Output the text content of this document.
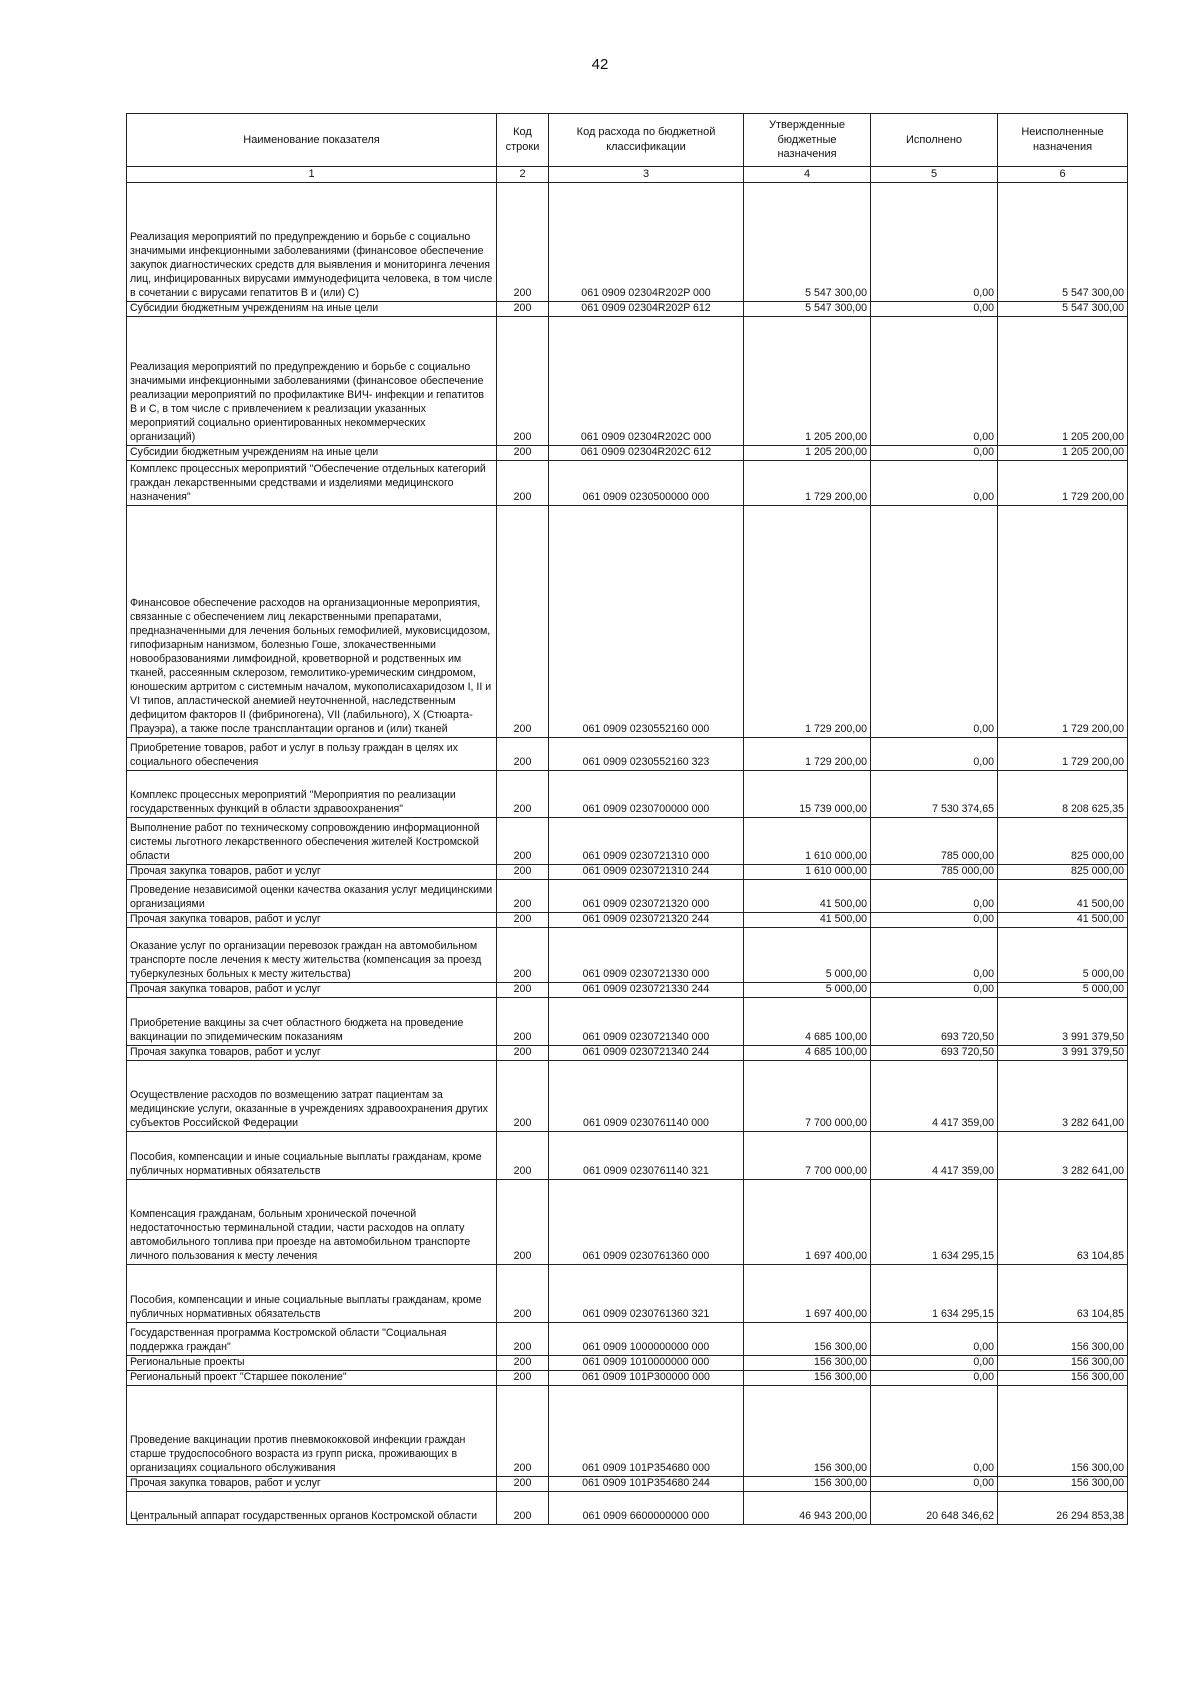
42
Наименование показателя	Код строки	Код расхода по бюджетной классификации	Утвержденные бюджетные назначения	Исполнено	Неисполненные назначения
1	2	3	4	5	6
Реализация мероприятий по предупреждению и борьбе с социально значимыми инфекционными заболеваниями (финансовое обеспечение закупок диагностических средств для выявления и мониторинга лечения лиц, инфицированных вирусами иммунодефицита человека, в том числе в сочетании с вирусами гепатитов B и (или) C)	200	061 0909 02304R202P 000	5 547 300,00	0,00	5 547 300,00
Субсидии бюджетным учреждениям на иные цели	200	061 0909 02304R202P 612	5 547 300,00	0,00	5 547 300,00
Реализация мероприятий по предупреждению и борьбе с социально значимыми инфекционными заболеваниями (финансовое обеспечение реализации мероприятий по профилактике ВИЧ- инфекции и гепатитов B и C, в том числе с привлечением к реализации указанных мероприятий социально ориентированных некоммерческих организаций)	200	061 0909 02304R202C 000	1 205 200,00	0,00	1 205 200,00
Субсидии бюджетным учреждениям на иные цели	200	061 0909 02304R202C 612	1 205 200,00	0,00	1 205 200,00
Комплекс процессных мероприятий "Обеспечение отдельных категорий граждан лекарственными средствами и изделиями медицинского назначения"	200	061 0909 0230500000 000	1 729 200,00	0,00	1 729 200,00
Финансовое обеспечение расходов на организационные мероприятия, связанные с обеспечением лиц лекарственными препаратами, предназначенными для лечения больных гемофилией, муковисцидозом, гипофизарным нанизмом, болезнью Гоше, злокачественными новообразованиями лимфоидной, кроветворной и родственных им тканей, рассеянным склерозом, гемолитико-уремическим синдромом, юношеским артритом с системным началом, мукополисахаридозом I, II и VI типов, апластической анемией неуточненной, наследственным дефицитом факторов II (фибриногена), VII (лабильного), X (Стюарта-Прауэра), а также после трансплантации органов и (или) тканей	200	061 0909 0230552160 000	1 729 200,00	0,00	1 729 200,00
Приобретение товаров, работ и услуг в пользу граждан в целях их социального обеспечения	200	061 0909 0230552160 323	1 729 200,00	0,00	1 729 200,00
Комплекс процессных мероприятий "Мероприятия по реализации государственных функций в области здравоохранения"	200	061 0909 0230700000 000	15 739 000,00	7 530 374,65	8 208 625,35
Выполнение работ по техническому сопровождению информационной системы льготного лекарственного обеспечения жителей Костромской области	200	061 0909 0230721310 000	1 610 000,00	785 000,00	825 000,00
Прочая закупка товаров, работ и услуг	200	061 0909 0230721310 244	1 610 000,00	785 000,00	825 000,00
Проведение независимой оценки качества оказания услуг медицинскими организациями	200	061 0909 0230721320 000	41 500,00	0,00	41 500,00
Прочая закупка товаров, работ и услуг	200	061 0909 0230721320 244	41 500,00	0,00	41 500,00
Оказание услуг по организации перевозок граждан на автомобильном транспорте после лечения к месту жительства (компенсация за проезд туберкулезных больных к месту жительства)	200	061 0909 0230721330 000	5 000,00	0,00	5 000,00
Прочая закупка товаров, работ и услуг	200	061 0909 0230721330 244	5 000,00	0,00	5 000,00
Приобретение вакцины за счет областного бюджета на проведение вакцинации по эпидемическим показаниям	200	061 0909 0230721340 000	4 685 100,00	693 720,50	3 991 379,50
Прочая закупка товаров, работ и услуг	200	061 0909 0230721340 244	4 685 100,00	693 720,50	3 991 379,50
Осуществление расходов по возмещению затрат пациентам за медицинские услуги, оказанные в учреждениях здравоохранения других субъектов Российской Федерации	200	061 0909 0230761140 000	7 700 000,00	4 417 359,00	3 282 641,00
Пособия, компенсации и иные социальные выплаты гражданам, кроме публичных нормативных обязательств	200	061 0909 0230761140 321	7 700 000,00	4 417 359,00	3 282 641,00
Компенсация гражданам, больным хронической почечной недостаточностью терминальной стадии, части расходов на оплату автомобильного топлива при проезде на автомобильном транспорте личного пользования к месту лечения	200	061 0909 0230761360 000	1 697 400,00	1 634 295,15	63 104,85
Пособия, компенсации и иные социальные выплаты гражданам, кроме публичных нормативных обязательств	200	061 0909 0230761360 321	1 697 400,00	1 634 295,15	63 104,85
Государственная программа Костромской области "Социальная поддержка граждан"	200	061 0909 1000000000 000	156 300,00	0,00	156 300,00
Региональные проекты	200	061 0909 1010000000 000	156 300,00	0,00	156 300,00
Региональный проект "Старшее поколение"	200	061 0909 101P300000 000	156 300,00	0,00	156 300,00
Проведение вакцинации против пневмококковой инфекции граждан старше трудоспособного возраста из групп риска, проживающих в организациях социального обслуживания	200	061 0909 101P354680 000	156 300,00	0,00	156 300,00
Прочая закупка товаров, работ и услуг	200	061 0909 101P354680 244	156 300,00	0,00	156 300,00
Центральный аппарат государственных органов Костромской области	200	061 0909 6600000000 000	46 943 200,00	20 648 346,62	26 294 853,38
